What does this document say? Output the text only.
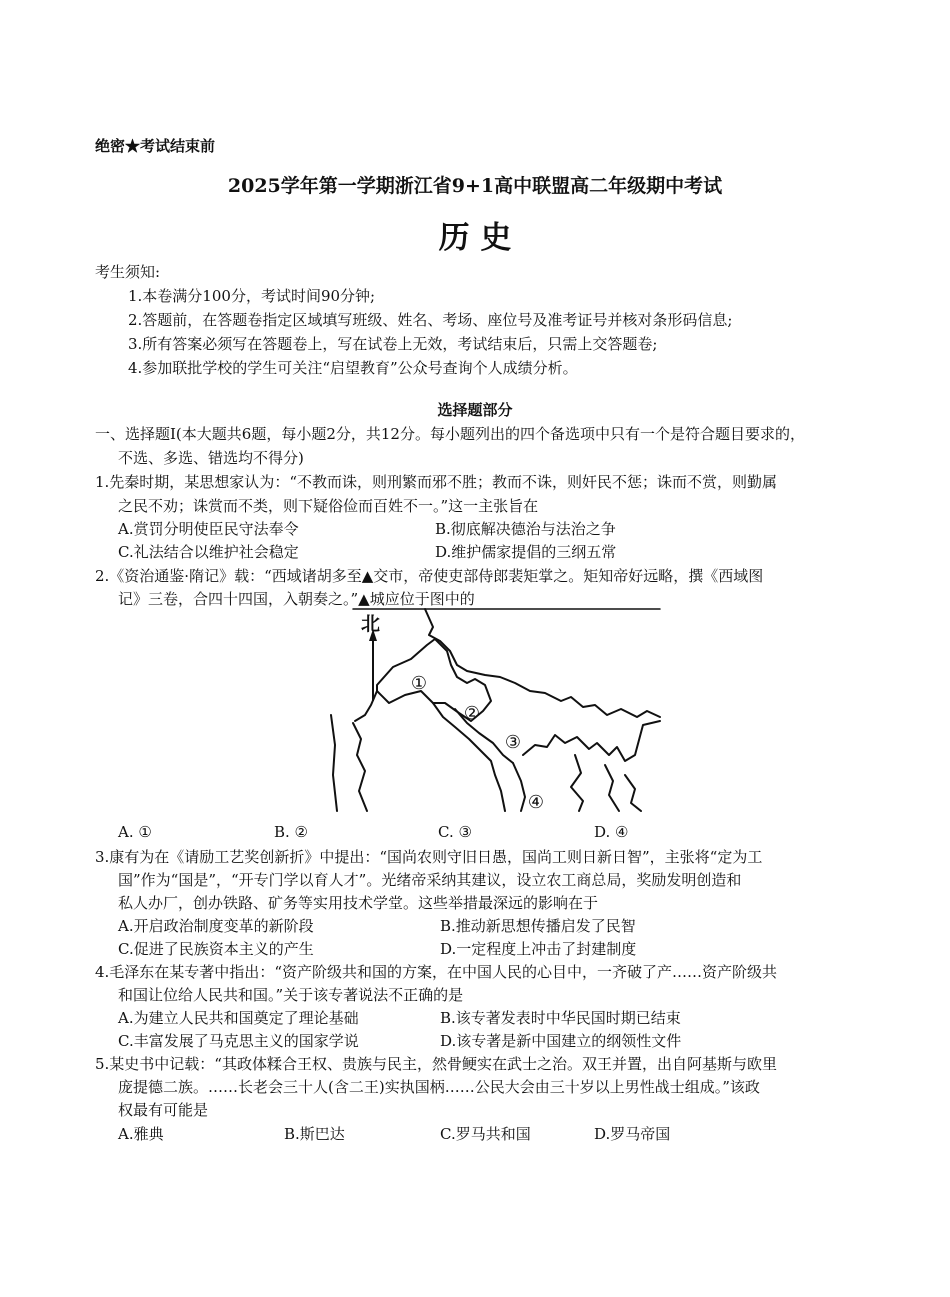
绝密★考试结束前
2025学年第一学期浙江省9+1高中联盟高二年级期中考试
历 史
考生须知:
1.本卷满分100分，考试时间90分钟;
2.答题前，在答题卷指定区域填写班级、姓名、考场、座位号及准考证号并核对条形码信息;
3.所有答案必须写在答题卷上，写在试卷上无效，考试结束后，只需上交答题卷;
4.参加联批学校的学生可关注“启望教育”公众号查询个人成绩分析。
选择题部分
一、选择题Ⅰ(本大题共6题，每小题2分，共12分。每小题列出的四个备选项中只有一个是符合题目要求的，
不选、多选、错选均不得分)
1.先秦时期，某思想家认为：“不教而诛，则刑繁而邪不胜；教而不诛，则奸民不惩；诛而不赏，则勤属
之民不劝；诛赏而不类，则下疑俗俭而百姓不一。”这一主张旨在
A.赏罚分明使臣民守法奉令	B.彻底解决德治与法治之争
C.礼法结合以维护社会稳定	D.维护儒家提倡的三纲五常
2.《资治通鉴·隋记》载：“西域诸胡多至▲交市，帝使吏部侍郎裴矩掌之。矩知帝好远略，撰《西域图
记》三卷，合四十四国，入朝奏之。”▲城应位于图中的
①
②
③
④
北
A. ①	B. ②	C. ③	D. ④
3.康有为在《请励工艺奖创新折》中提出：“国尚农则守旧日愚，国尚工则日新日智”，主张将“定为工
国”作为“国是”，“开专门学以育人才”。光绪帝采纳其建议，设立农工商总局，奖励发明创造和
私人办厂，创办铁路、矿务等实用技术学堂。这些举措最深远的影响在于
A.开启政治制度变革的新阶段	B.推动新思想传播启发了民智
C.促进了民族资本主义的产生	D.一定程度上冲击了封建制度
4.毛泽东在某专著中指出：“资产阶级共和国的方案，在中国人民的心目中，一齐破了产……资产阶级共
和国让位给人民共和国。”关于该专著说法不正确的是
A.为建立人民共和国奠定了理论基础	B.该专著发表时中华民国时期已结束
C.丰富发展了马克思主义的国家学说	D.该专著是新中国建立的纲领性文件
5.某史书中记载：“其政体糅合王权、贵族与民主，然骨鲠实在武士之治。双王并置，出自阿基斯与欧里
庞提德二族。……长老会三十人(含二王)实执国柄……公民大会由三十岁以上男性战士组成。”该政
权最有可能是
A.雅典	B.斯巴达	C.罗马共和国	D.罗马帝国
